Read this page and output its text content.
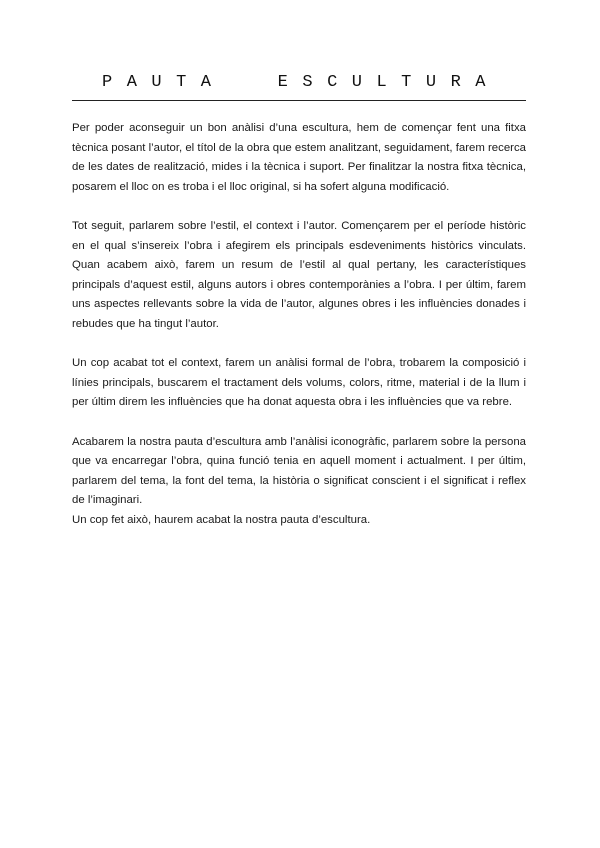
PAUTA	ESCULTURA

Per poder aconseguir un bon anàlisi d’una escultura, hem de començar fent una fitxa tècnica posant l’autor, el títol de la obra que estem analitzant, seguidament, farem recerca de les dates de realització, mides i la tècnica i suport. Per finalitzar la nostra fitxa tècnica, posarem el lloc on es troba i el lloc original, si ha sofert alguna modificació.

Tot seguit, parlarem sobre l’estil, el context i l’autor. Començarem per el període històric en el qual s’insereix l’obra i afegirem els principals esdeveniments històrics vinculats. Quan acabem això, farem un resum de l’estil al qual pertany, les característiques principals d’aquest estil, alguns autors i obres contemporànies a l’obra. I per últim, farem uns aspectes rellevants sobre la vida de l’autor, algunes obres i les influències donades i rebudes que ha tingut l’autor.

Un cop acabat tot el context, farem un anàlisi formal de l’obra, trobarem la composició i línies principals, buscarem el tractament dels volums, colors, ritme, material i de la llum i per últim direm les influències que ha donat aquesta obra i les influències que va rebre.

Acabarem la nostra pauta d’escultura amb l’anàlisi iconogràfic, parlarem sobre la persona que va encarregar l’obra, quina funció tenia en aquell moment i actualment. I per últim, parlarem del tema, la font del tema, la història o significat conscient i el significat i reflex de l’imaginari.

Un cop fet això, haurem acabat la nostra pauta d’escultura.
